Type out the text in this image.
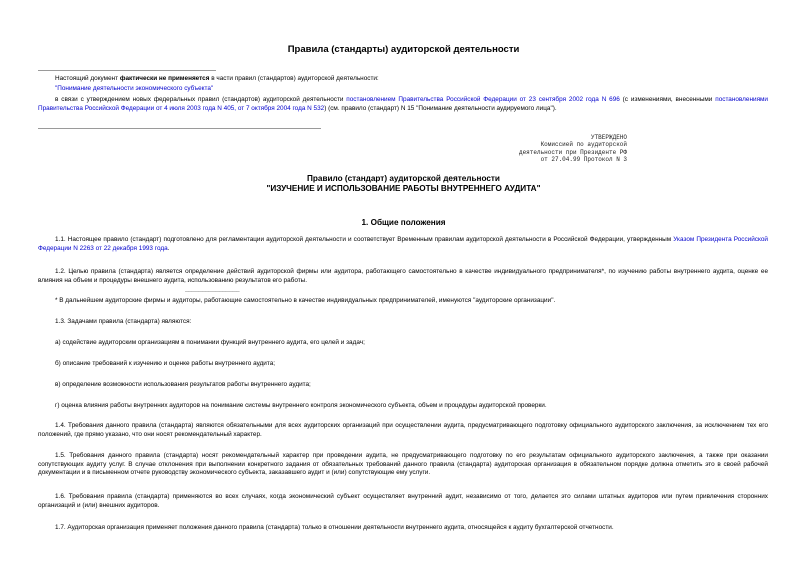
Правила (стандарты) аудиторской деятельности

Настоящий документ фактически не применяется в части правил (стандартов) аудиторской деятельности:

"Понимание деятельности экономического субъекта"

в связи с утверждением новых федеральных правил (стандартов) аудиторской деятельности постановлением Правительства Российской Федерации от 23 сентября 2002 года N 696 (с изменениями, внесенными постановлениями Правительства Российской Федерации от 4 июля 2003 года N 405, от 7 октября 2004 года N 532) (см. правило (стандарт) N 15 "Понимание деятельности аудируемого лица").

УТВЕРЖДЕНО
Комиссией по аудиторской
деятельности при Президенте РФ
от 27.04.99 Протокол N 3
Правило (стандарт) аудиторской деятельности
"ИЗУЧЕНИЕ И ИСПОЛЬЗОВАНИЕ РАБОТЫ ВНУТРЕННЕГО АУДИТА"
1. Общие положения

1.1. Настоящее правило (стандарт) подготовлено для регламентации аудиторской деятельности и соответствует Временным правилам аудиторской деятельности в Российской Федерации, утвержденным Указом Президента Российской Федерации N 2263 от 22 декабря 1993 года.

1.2. Целью правила (стандарта) является определение действий аудиторской фирмы или аудитора, работающего самостоятельно в качестве индивидуального предпринимателя*, по изучению работы внутреннего аудита, оценке ее влияния на объем и процедуры внешнего аудита, использованию результатов его работы.

________________

* В дальнейшем аудиторские фирмы и аудиторы, работающие самостоятельно в качестве индивидуальных предпринимателей, именуются "аудиторские организации".

1.3. Задачами правила (стандарта) являются:

а) содействие аудиторским организациям в понимании функций внутреннего аудита, его целей и задач;

б) описание требований к изучению и оценке работы внутреннего аудита;

в) определение возможности использования результатов работы внутреннего аудита;

г) оценка влияния работы внутренних аудиторов на понимание системы внутреннего контроля экономического субъекта, объем и процедуры аудиторской проверки.

1.4. Требования данного правила (стандарта) являются обязательными для всех аудиторских организаций при осуществлении аудита, предусматривающего подготовку официального аудиторского заключения, за исключением тех его положений, где прямо указано, что они носят рекомендательный характер.

1.5. Требования данного правила (стандарта) носят рекомендательный характер при проведении аудита, не предусматривающего подготовку по его результатам официального аудиторского заключения, а также при оказании сопутствующих аудиту услуг. В случае отклонения при выполнении конкретного задания от обязательных требований данного правила (стандарта) аудиторская организация в обязательном порядке должна отметить это в своей рабочей документации и в письменном отчете руководству экономического субъекта, заказавшего аудит и (или) сопутствующие ему услуги.

1.6. Требования правила (стандарта) применяются во всех случаях, когда экономический субъект осуществляет внутренний аудит, независимо от того, делается это силами штатных аудиторов или путем привлечения сторонних организаций и (или) внешних аудиторов.

1.7. Аудиторская организация применяет положения данного правила (стандарта) только в отношении деятельности внутреннего аудита, относящейся к аудиту бухгалтерской отчетности.
